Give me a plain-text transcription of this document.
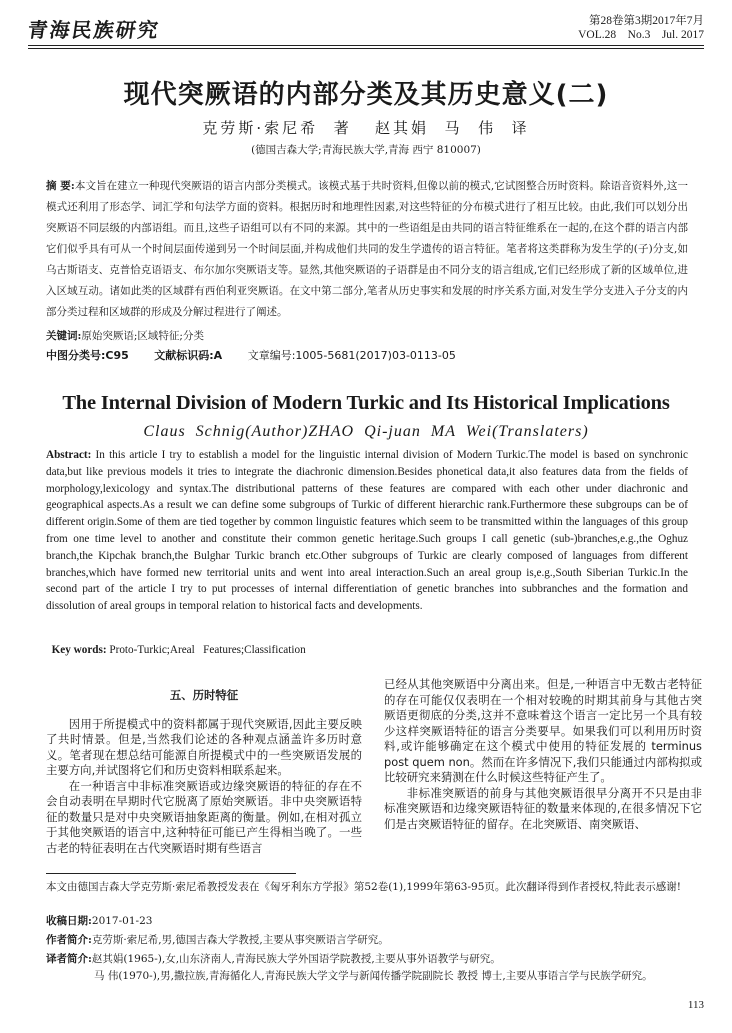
青海民族研究	第28卷第3期2017年7月
VOL.28    No.3    Jul. 2017
现代突厥语的内部分类及其历史意义(二)
克劳斯·索尼希  著   赵其娟  马  伟  译
(德国吉森大学;青海民族大学,青海 西宁 810007)
摘 要:本文旨在建立一种现代突厥语的语言内部分类模式。该模式基于共时资料,但像以前的模式,它试图整合历时资料。除语音资料外,这一模式还利用了形态学、词汇学和句法学方面的资料。根据历时和地理性因素,对这些特征的分布模式进行了相互比较。由此,我们可以划分出突厥语不同层级的内部语组。而且,这些子语组可以有不同的来源。其中的一些语组是由共同的语言特征维系在一起的,在这个群的语言内部它们似乎具有可从一个时间层面传递到另一个时间层面,并构成他们共同的发生学遗传的语言特征。笔者将这类群称为发生学的(子)分支,如乌古斯语支、克普恰克语语支、布尔加尔突厥语支等。显然,其他突厥语的子语群是由不同分支的语言组成,它们已经形成了新的区域单位,进入区域互动。诸如此类的区域群有西伯利亚突厥语。在文中第二部分,笔者从历史事实和发展的时序关系方面,对发生学分支进入子分支的内部分类过程和区域群的形成及分解过程进行了阐述。
关键词:原始突厥语;区域特征;分类
中图分类号:C95 文献标识码:A 文章编号:1005-5681(2017)03-0113-05
The Internal Division of Modern Turkic and Its Historical Implications
Claus  Schnig(Author)ZHAO  Qi-juan  MA  Wei(Translaters)
Abstract: In this article I try to establish a model for the linguistic internal division of Modern Turkic.The model is based on synchronic data,but like previous models it tries to integrate the diachronic dimension.Besides phonetical data,it also features data from the fields of morphology,lexicology and syntax.The distributional patterns of these features are compared with each other under diachronic and geographical aspects.As a result we can define some subgroups of Turkic of different hierarchic rank.Furthermore these subgroups can be of different origin.Some of them are tied together by common linguistic features which seem to be transmitted within the languages of this group from one time level to another and constitute their common genetic heritage.Such groups I call genetic (sub-)branches,e.g.,the Oghuz branch,the Kipchak branch,the Bulghar Turkic branch etc.Other subgroups of Turkic are clearly composed of languages from different branches,which have formed new territorial units and went into areal interaction.Such an areal group is,e.g.,South Siberian Turkic.In the second part of the article I try to put processes of internal differentiation of genetic branches into subbranches and the formation and dissolution of areal groups in temporal relation to historical facts and developments.

Key words: Proto-Turkic;Areal   Features;Classification

五、历时特征

因用于所提模式中的资料都属于现代突厥语,因此主要反映了共时情景。但是,当然我们论述的各种观点涵盖许多历时意义。笔者现在想总结可能源自所提模式中的一些突厥语发展的主要方向,并试图将它们和历史资料相联系起来。

在一种语言中非标准突厥语或边缘突厥语的特征的存在不会自动表明在早期时代它脱离了原始突厥语。非中央突厥语特征的数量只是对中央突厥语抽象距离的衡量。例如,在相对孤立于其他突厥语的语言中,这种特征可能已产生得相当晚了。一些古老的特征表明在古代突厥语时期有些语言

已经从其他突厥语中分离出来。但是,一种语言中无数古老特征的存在可能仅仅表明在一个相对较晚的时期其前身与其他古突厥语更彻底的分类,这并不意味着这个语言一定比另一个具有较少这样突厥语特征的语言分类要早。如果我们可以利用历时资料,或许能够确定在这个模式中使用的特征发展的 terminus post quem non。然而在许多情况下,我们只能通过内部构拟或比较研究来猜测在什么时候这些特征产生了。

非标准突厥语的前身与其他突厥语很早分离开不只是由非标准突厥语和边缘突厥语特征的数量来体现的,在很多情况下它们是古突厥语特征的留存。在北突厥语、南突厥语、

本文由德国吉森大学克劳斯·索尼希教授发表在《匈牙利东方学报》第52卷(1),1999年第63-95页。此次翻译得到作者授权,特此表示感谢!
收稿日期:2017-01-23
作者简介:克劳斯·索尼希,男,德国吉森大学教授,主要从事突厥语言学研究。
译者简介:赵其娟(1965-),女,山东济南人,青海民族大学外国语学院教授,主要从事外语教学与研究。
马 伟(1970-),男,撒拉族,青海循化人,青海民族大学文学与新闻传播学院副院长 教授 博士,主要从事语言学与民族学研究。
113
